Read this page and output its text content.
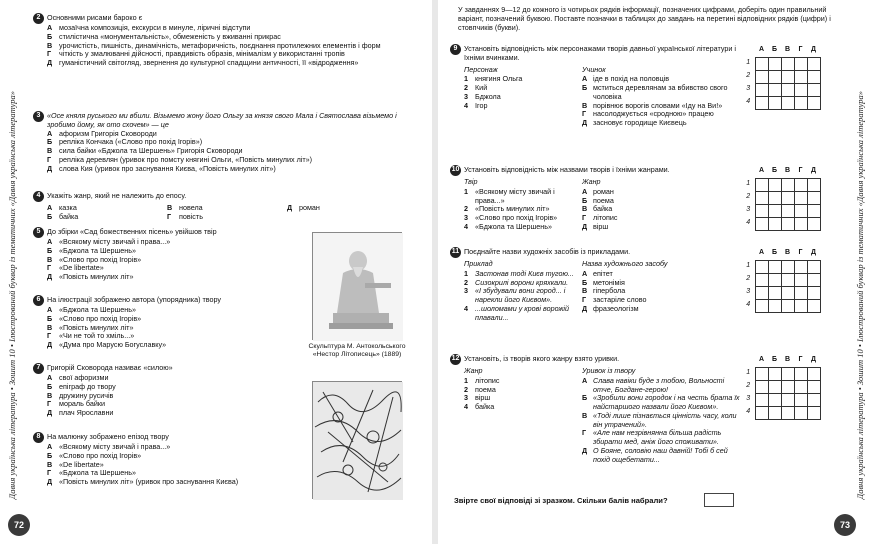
Давня українська література • Зошит 10 • Ілюстрований буквар із тематичних «Давня українська література»
2 Основними рисами бароко є
А мозаїчна композиція, екскурси в минуле, ліричні відступи
Б стилістична «монументальність», обмеженість у вживанні прикрас
В урочистість, пишність, динамічність, метафоричність, поєднання протилежних елементів і форм
Г	чіткість у змалюванні дійсності, правдивість образів, мінімалізм у використанні тропів
Д гуманістичний світогляд, звернення до культурної спадщини античності, її «відродження»
3 «Осе княля руського ми вбили. Візьмемо жону його Ольгу за князя свого Мала і Святослава візьмемо і зробимо йому, як ото схочем» — це
А афоризм Григорія Сковороди
Б репліка Кончака («Слово про похід Ігорів»)
В сила байки «Бджола та Шершень» Григорія Сковороди
Г	репліка деревлян (уривок про помсту княгині Ольги, «Повість минулих літ»)
Д слова Кия (уривок про заснування Києва, «Повість минулих літ»)
4 Укажіть жанр, який не належить до епосу.
А казка	В новела	Д роман
Б байка	Г	повість
5 До збірки «Сад божественних пісень» увійшов твір
А «Всякому місту звичай і права...»
Б «Бджола та Шершень»
В «Слово про похід Ігорів»
Г	«De libertate»
Д «Повість минулих літ»
6 На ілюстрації зображено автора (упорядника) твору
А «Бджола та Шершень»
Б «Слово про похід Ігорів»
В «Повість минулих літ»
Г	«Чи не той то хміль...»
Д «Дума про Марусю Богуславку»
7 Григорій Сковорода називає «силою»
А свої афоризми
Б епіграф до твору
В дружину русичів
Г	мораль байки
Д плач Ярославни
8 На малюнку зображено епізод твору
А «Всякому місту звичай і права...»
Б «Слово про похід Ігорів»
В «De libertate»
Г	«Бджола та Шершень»
Д «Повість минулих літ» (уривок про заснування Києва)
Скульптура М. Антокольського «Нестор Літописець» (1889)
72
Давня українська література • Зошит 10 • Ілюстрований буквар із тематичних «Давня українська література»
У завданнях 9—12 до кожного із чотирьох рядків інформації, позначених цифрами, доберіть один правильний варіант, позначений буквою. Поставте позначки в таблицях до завдань на перетині відповідних рядків (цифри) і стовпчиків (букви).
9 Установіть відповідність між персонажами творів давньої української літератури і їхніми вчинками.
Персонаж
1 княгиня Ольга
2 Кий
3 Бджола
4 Ігор
Учинок
А іде в похід на половців
Б мститься деревлянам за вбивство свого чоловіка
В порівнює ворогів словами «Іду на Ви!»
Г насолоджується «сродною» працею
Д засновує городище Києвець
	А	Б	В	Г	Д
1					
2					
3					
4					
10 Установіть відповідність між назвами творів і їхніми жанрами.
Твір
1 «Всякому місту звичай і права...»
2 «Повість минулих літ»
3 «Слово про похід Ігорів»
4 «Бджола та Шершень»
Жанр
А роман
Б поема
В байка
Г літопис
Д вірш
	А	Б	В	Г	Д
1					
2					
3					
4					
11 Поєднайте назви художніх засобів із прикладами.
Приклад
1 Застонав тоді Києв тугою...
2 Сизокрилі ворони кряхкали.
3 «І збудували вони город... і нарекли його Києвом».
4 ...шоломами у крові ворожій плавали...
Назва художнього засобу
А епітет
Б метонімія
В гіпербола
Г застаріле слово
Д фразеологізм
	А	Б	В	Г	Д
1					
2					
3					
4					
12 Установіть, із творів якого жанру взято уривки.
Жанр
1 літопис
2 поема
3 вірш
4 байка
Уривок із твору
А Слава навіки буде з тобою, Вольності отче, Богдане-герою!
Б «Зробили вони городок і на честь брата їх найстаршого назвали його Києвом».
В «Тоді лише пізнається цінність часу, коли він утрачений».
Г «Але нам незрівнянна більша радість збирати мед, аніж його споживати».
Д О Бояне, соловію наш давній! Тобі б сей похід ощебетати...
	А	Б	В	Г	Д
1					
2					
3					
4					
Звірте свої відповіді зі зразком. Скільки балів набрали?
73
